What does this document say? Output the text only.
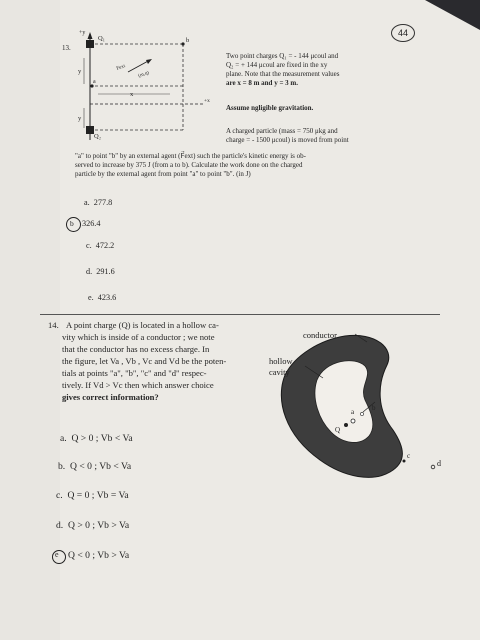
44
13.
+y
Q₁
Q₂
b
a
+x
x
y
y
Fext
(m,q)
Two point charges Q₁ = - 144 μcoul and
Q₂ = + 144 μcoul are fixed in the xy
plane. Note that the measurement values
are x = 8 m and y = 3 m.
Assume ngligible gravitation.
A charged particle (mass = 750 μkg and
charge = - 1500 μcoul) is moved from point
"a" to point "b" by an external agent (F⃗ext) such the particle's kinetic energy is ob-
served to increase by 375 J (from a to b). Calculate the work done on the charged
particle by the external agent from point "a" to point "b". (in J)
a. 277.8
b 326.4
c. 472.2
d. 291.6
e. 423.6
14. A point charge (Q) is located in a hollow ca-
vity which is inside of a conductor ; we note
that the conductor has no excess charge. In
the figure, let Va , Vb , Vc and Vd be the poten-
tials at points "a", "b", "c" and "d" respec-
tively. If Vd > Vc then which answer choice
gives correct information?
conductor
hollow
cavity
a	b
c
d
Q
a. Q > 0 ; Vb < Va
b. Q < 0 ; Vb < Va
c. Q = 0 ; Vb = Va
d. Q > 0 ; Vb > Va
e Q < 0 ; Vb > Va
